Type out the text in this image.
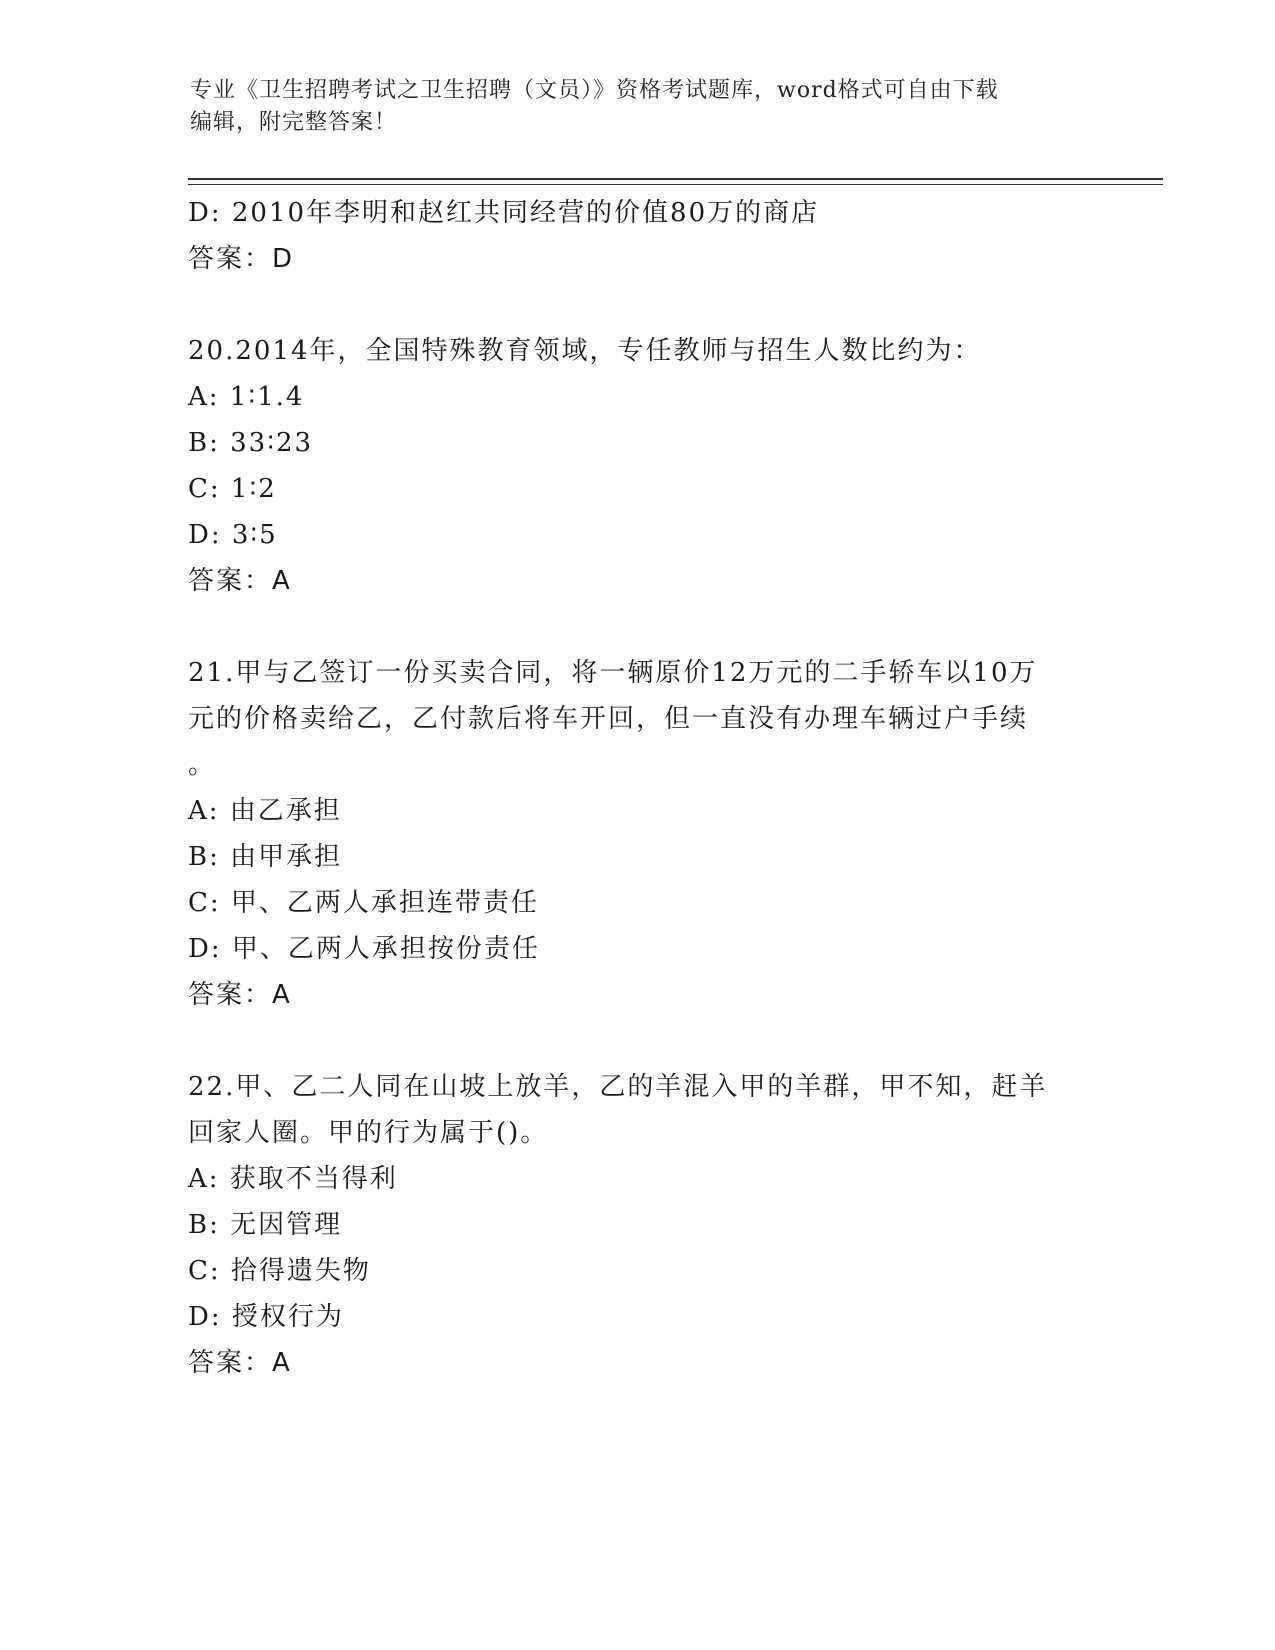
专业《卫生招聘考试之卫生招聘（文员）》资格考试题库，word格式可自由下载
编辑，附完整答案！
D: 2010年李明和赵红共同经营的价值80万的商店
答案：D
20.2014年，全国特殊教育领域，专任教师与招生人数比约为：
A: 1∶1.4
B: 33∶23
C: 1∶2
D: 3∶5
答案：A
21.甲与乙签订一份买卖合同，将一辆原价12万元的二手轿车以10万
元的价格卖给乙，乙付款后将车开回，但一直没有办理车辆过户手续
。
A: 由乙承担
B: 由甲承担
C: 甲、乙两人承担连带责任
D: 甲、乙两人承担按份责任
答案：A
22.甲、乙二人同在山坡上放羊，乙的羊混入甲的羊群，甲不知，赶羊
回家人圈。甲的行为属于()。
A: 获取不当得利
B: 无因管理
C: 拾得遗失物
D: 授权行为
答案：A
